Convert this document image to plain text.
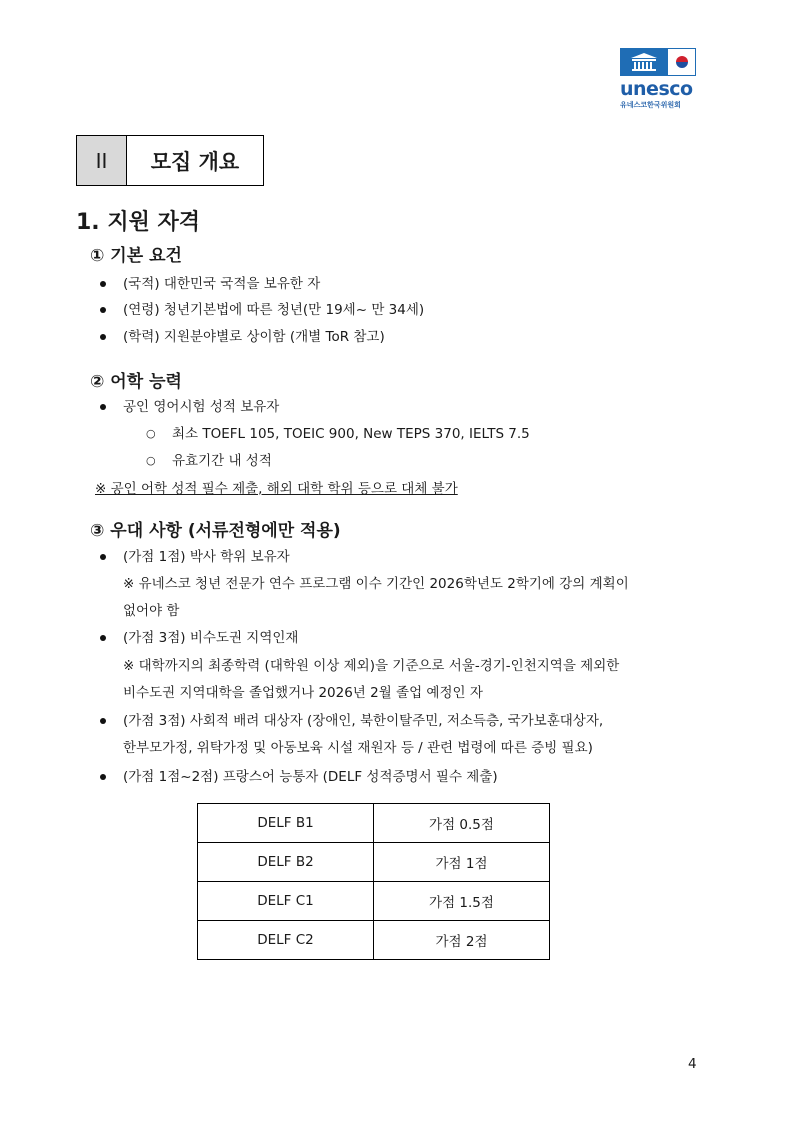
unesco
유네스코한국위원회
II	모집 개요
1. 지원 자격
① 기본 요건
(국적) 대한민국 국적을 보유한 자
(연령) 청년기본법에 따른 청년(만 19세~ 만 34세)
(학력) 지원분야별로 상이함 (개별 ToR 참고)
② 어학 능력
공인 영어시험 성적 보유자
○ 최소 TOEFL 105, TOEIC 900, New TEPS 370, IELTS 7.5
○ 유효기간 내 성적
※ 공인 어학 성적 필수 제출, 해외 대학 학위 등으로 대체 불가
③ 우대 사항 (서류전형에만 적용)
(가점 1점) 박사 학위 보유자
※ 유네스코 청년 전문가 연수 프로그램 이수 기간인 2026학년도 2학기에 강의 계획이
없어야 함
(가점 3점) 비수도권 지역인재
※ 대학까지의 최종학력 (대학원 이상 제외)을 기준으로 서울-경기-인천지역을 제외한
비수도권 지역대학을 졸업했거나 2026년 2월 졸업 예정인 자
(가점 3점) 사회적 배려 대상자 (장애인, 북한이탈주민, 저소득층, 국가보훈대상자,
한부모가정, 위탁가정 및 아동보육 시설 재원자 등 / 관련 법령에 따른 증빙 필요)
(가점 1점~2점) 프랑스어 능통자 (DELF 성적증명서 필수 제출)
DELF B1	가점 0.5점
DELF B2	가점 1점
DELF C1	가점 1.5점
DELF C2	가점 2점
4
